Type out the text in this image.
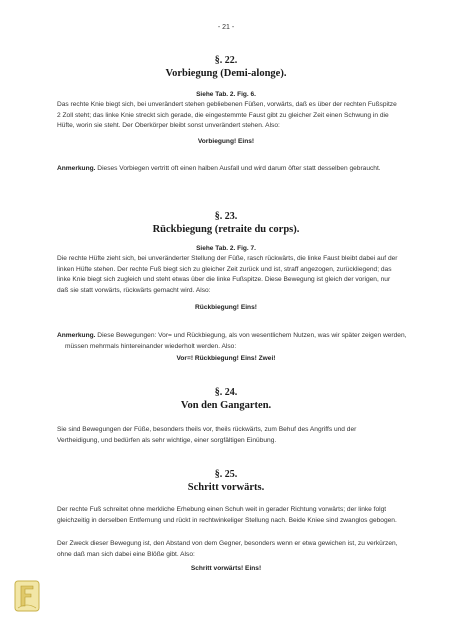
- 21 -
§. 22.
Vorbiegung (Demi-alonge).
Siehe Tab. 2. Fig. 6.

Das rechte Knie biegt sich, bei unverändert stehen gebliebenen Füßen, vorwärts, daß es über der rechten Fußspitze 2 Zoll steht; das linke Knie streckt sich gerade, die eingestemmte Faust gibt zu gleicher Zeit einen Schwung in die Hüfte, worin sie steht. Der Oberkörper bleibt sonst unverändert stehen. Also:

Vorbiegung! Eins!

Anmerkung. Dieses Vorbiegen vertritt oft einen halben Ausfall und wird darum öfter statt desselben gebraucht.

§. 23.
Rückbiegung (retraite du corps).
Siehe Tab. 2. Fig. 7.

Die rechte Hüfte zieht sich, bei unveränderter Stellung der Füße, rasch rückwärts, die linke Faust bleibt dabei auf der linken Hüfte stehen. Der rechte Fuß biegt sich zu gleicher Zeit zurück und ist, straff angezogen, zurückliegend; das linke Knie biegt sich zugleich und steht etwas über die linke Fußspitze. Diese Bewegung ist gleich der vorigen, nur daß sie statt vorwärts, rückwärts gemacht wird. Also:

Rückbiegung! Eins!

Anmerkung. Diese Bewegungen: Vor= und Rückbiegung, als von wesentlichem Nutzen, was wir später zeigen werden, müssen mehrmals hintereinander wiederholt werden. Also:

Vor=! Rückbiegung! Eins! Zwei!
§. 24.
Von den Gangarten.

Sie sind Bewegungen der Füße, besonders theils vor, theils rückwärts, zum Behuf des Angriffs und der Vertheidigung, und bedürfen als sehr wichtige, einer sorgfältigen Einübung.

§. 25.
Schritt vorwärts.

Der rechte Fuß schreitet ohne merkliche Erhebung einen Schuh weit in gerader Richtung vorwärts; der linke folgt gleichzeitig in derselben Entfernung und rückt in rechtwinkeliger Stellung nach. Beide Kniee sind zwanglos gebogen.

Der Zweck dieser Bewegung ist, den Abstand von dem Gegner, besonders wenn er etwa gewichen ist, zu verkürzen, ohne daß man sich dabei eine Blöße gibt. Also:

Schritt vorwärts! Eins!
